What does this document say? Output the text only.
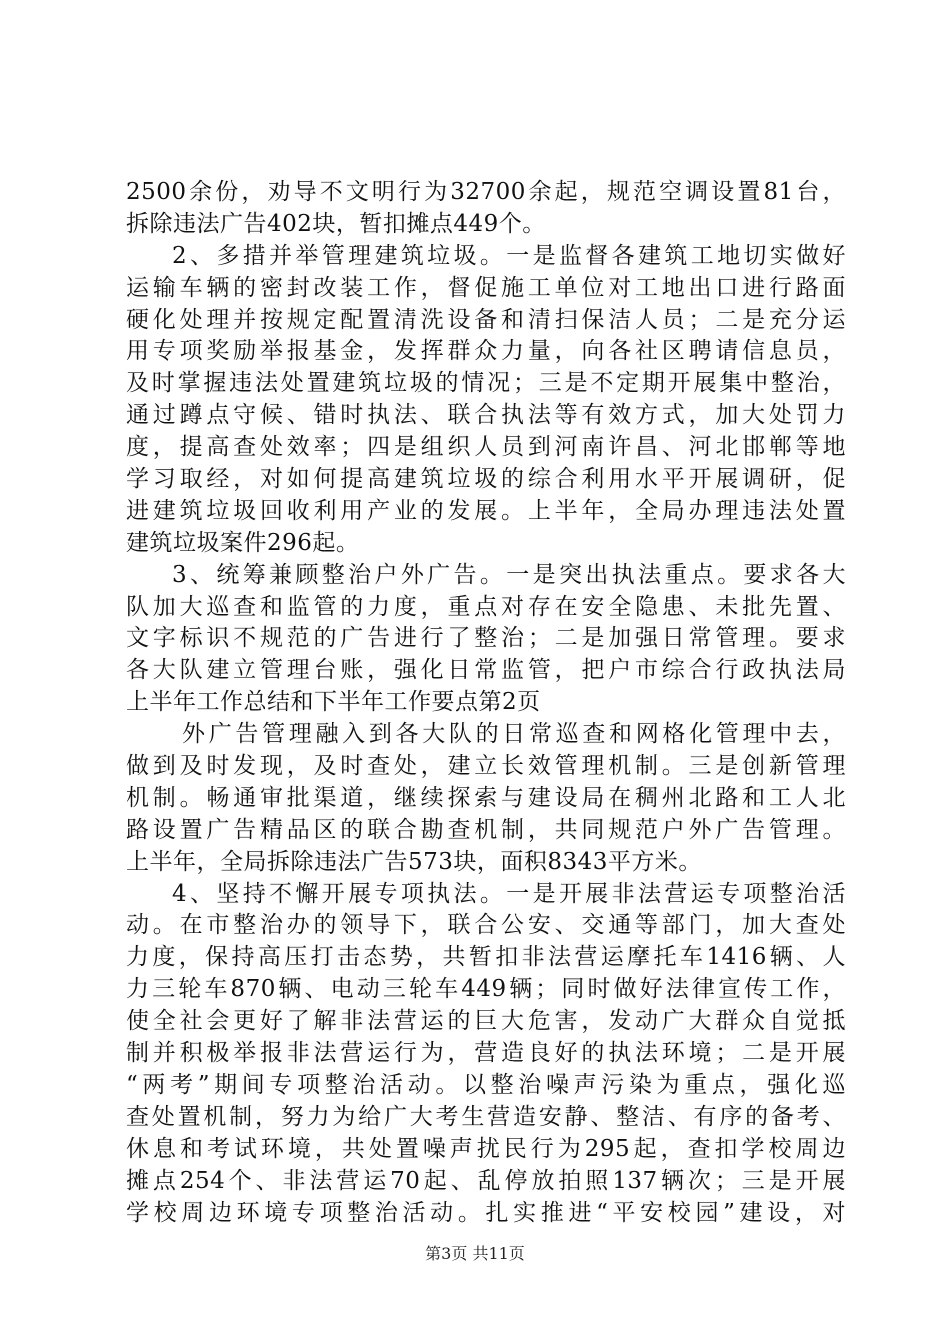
2500余份，劝导不文明行为32700余起，规范空调设置81台，
拆除违法广告402块，暂扣摊点449个。
2、多措并举管理建筑垃圾。一是监督各建筑工地切实做好
运输车辆的密封改装工作，督促施工单位对工地出口进行路面
硬化处理并按规定配置清洗设备和清扫保洁人员；二是充分运
用专项奖励举报基金，发挥群众力量，向各社区聘请信息员，
及时掌握违法处置建筑垃圾的情况；三是不定期开展集中整治，
通过蹲点守候、错时执法、联合执法等有效方式，加大处罚力
度，提高查处效率；四是组织人员到河南许昌、河北邯郸等地
学习取经，对如何提高建筑垃圾的综合利用水平开展调研，促
进建筑垃圾回收利用产业的发展。上半年，全局办理违法处置
建筑垃圾案件296起。
3、统筹兼顾整治户外广告。一是突出执法重点。要求各大
队加大巡查和监管的力度，重点对存在安全隐患、未批先置、
文字标识不规范的广告进行了整治；二是加强日常管理。要求
各大队建立管理台账，强化日常监管，把户市综合行政执法局
上半年工作总结和下半年工作要点第2页
外广告管理融入到各大队的日常巡查和网格化管理中去，
做到及时发现，及时查处，建立长效管理机制。三是创新管理
机制。畅通审批渠道，继续探索与建设局在稠州北路和工人北
路设置广告精品区的联合勘查机制，共同规范户外广告管理。
上半年，全局拆除违法广告573块，面积8343平方米。
4、坚持不懈开展专项执法。一是开展非法营运专项整治活
动。在市整治办的领导下，联合公安、交通等部门，加大查处
力度，保持高压打击态势，共暂扣非法营运摩托车1416辆、人
力三轮车870辆、电动三轮车449辆；同时做好法律宣传工作，
使全社会更好了解非法营运的巨大危害，发动广大群众自觉抵
制并积极举报非法营运行为，营造良好的执法环境；二是开展
“两考”期间专项整治活动。以整治噪声污染为重点，强化巡
查处置机制，努力为给广大考生营造安静、整洁、有序的备考、
休息和考试环境，共处置噪声扰民行为295起，查扣学校周边
摊点254个、非法营运70起、乱停放拍照137辆次；三是开展
学校周边环境专项整治活动。扎实推进“平安校园”建设，对
第3页 共11页
